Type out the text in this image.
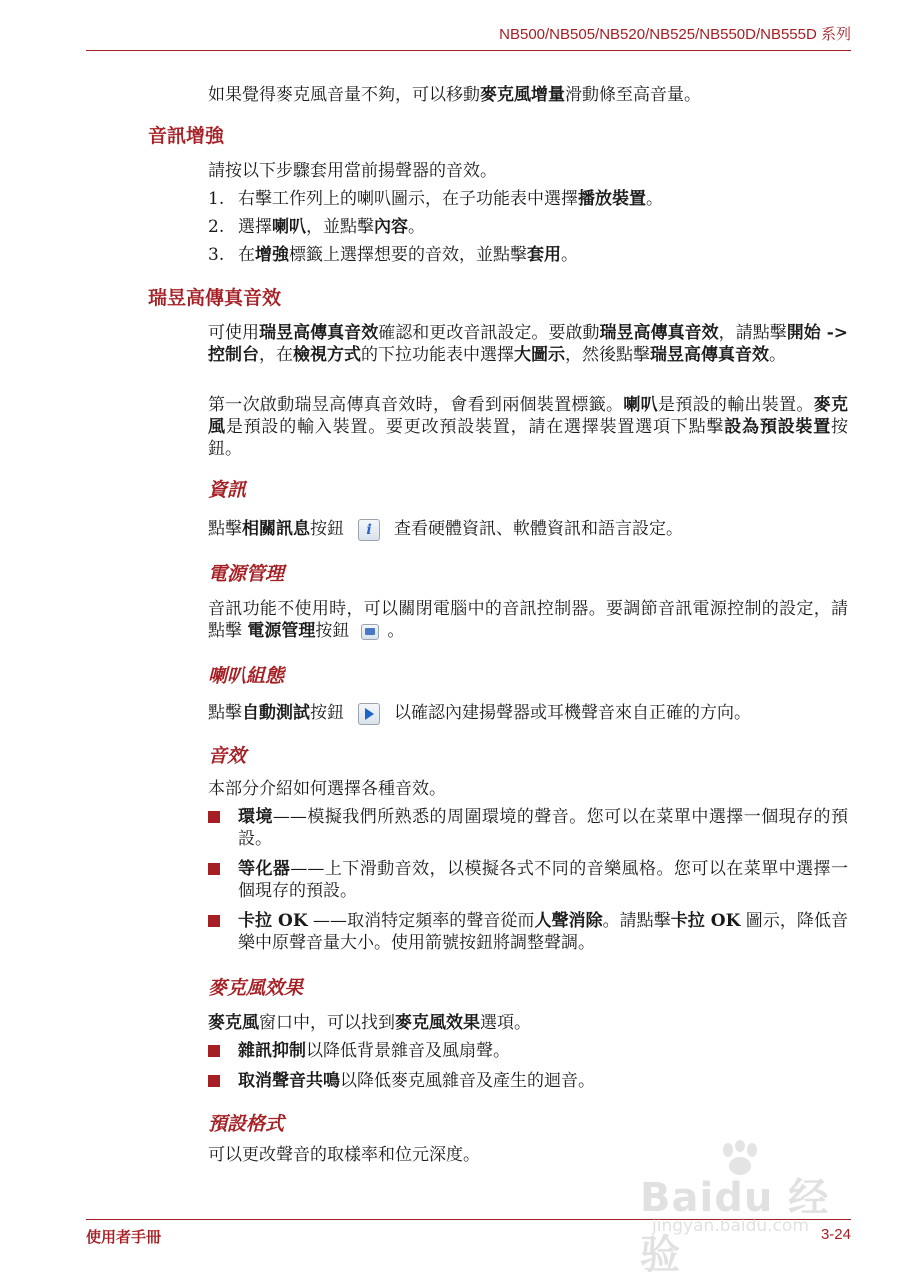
NB500/NB505/NB520/NB525/NB550D/NB555D 系列

如果覺得麥克風音量不夠，可以移動麥克風增量滑動條至高音量。

音訊增強

請按以下步驟套用當前揚聲器的音效。

1. 右擊工作列上的喇叭圖示，在子功能表中選擇播放裝置。

2. 選擇喇叭，並點擊內容。

3. 在增強標籤上選擇想要的音效，並點擊套用。

瑞昱高傳真音效

可使用瑞昱高傳真音效確認和更改音訊設定。要啟動瑞昱高傳真音效，請點擊開始 -> 控制台，在檢視方式的下拉功能表中選擇大圖示，然後點擊瑞昱高傳真音效。

第一次啟動瑞昱高傳真音效時，會看到兩個裝置標籤。喇叭是預設的輸出裝置。麥克風是預設的輸入裝置。要更改預設裝置，請在選擇裝置選項下點擊設為預設裝置按鈕。

資訊

點擊相關訊息按鈕	i	查看硬體資訊、軟體資訊和語言設定。

電源管理

音訊功能不使用時，可以關閉電腦中的音訊控制器。要調節音訊電源控制的設定，請點擊 電源管理按鈕 。

喇叭組態

點擊自動測試按鈕	以確認內建揚聲器或耳機聲音來自正確的方向。

音效

本部分介紹如何選擇各種音效。

環境——模擬我們所熟悉的周圍環境的聲音。您可以在菜單中選擇一個現存的預設。
等化器——上下滑動音效，以模擬各式不同的音樂風格。您可以在菜單中選擇一個現存的預設。
卡拉 OK ——取消特定頻率的聲音從而人聲消除。請點擊卡拉 OK 圖示，降低音樂中原聲音量大小。使用箭號按鈕將調整聲調。
麥克風效果

麥克風窗口中，可以找到麥克風效果選項。

雜訊抑制以降低背景雜音及風扇聲。
取消聲音共鳴以降低麥克風雜音及產生的迴音。
預設格式

可以更改聲音的取樣率和位元深度。

使用者手冊	3-24
Baidu 经验
jingyan.baidu.com
